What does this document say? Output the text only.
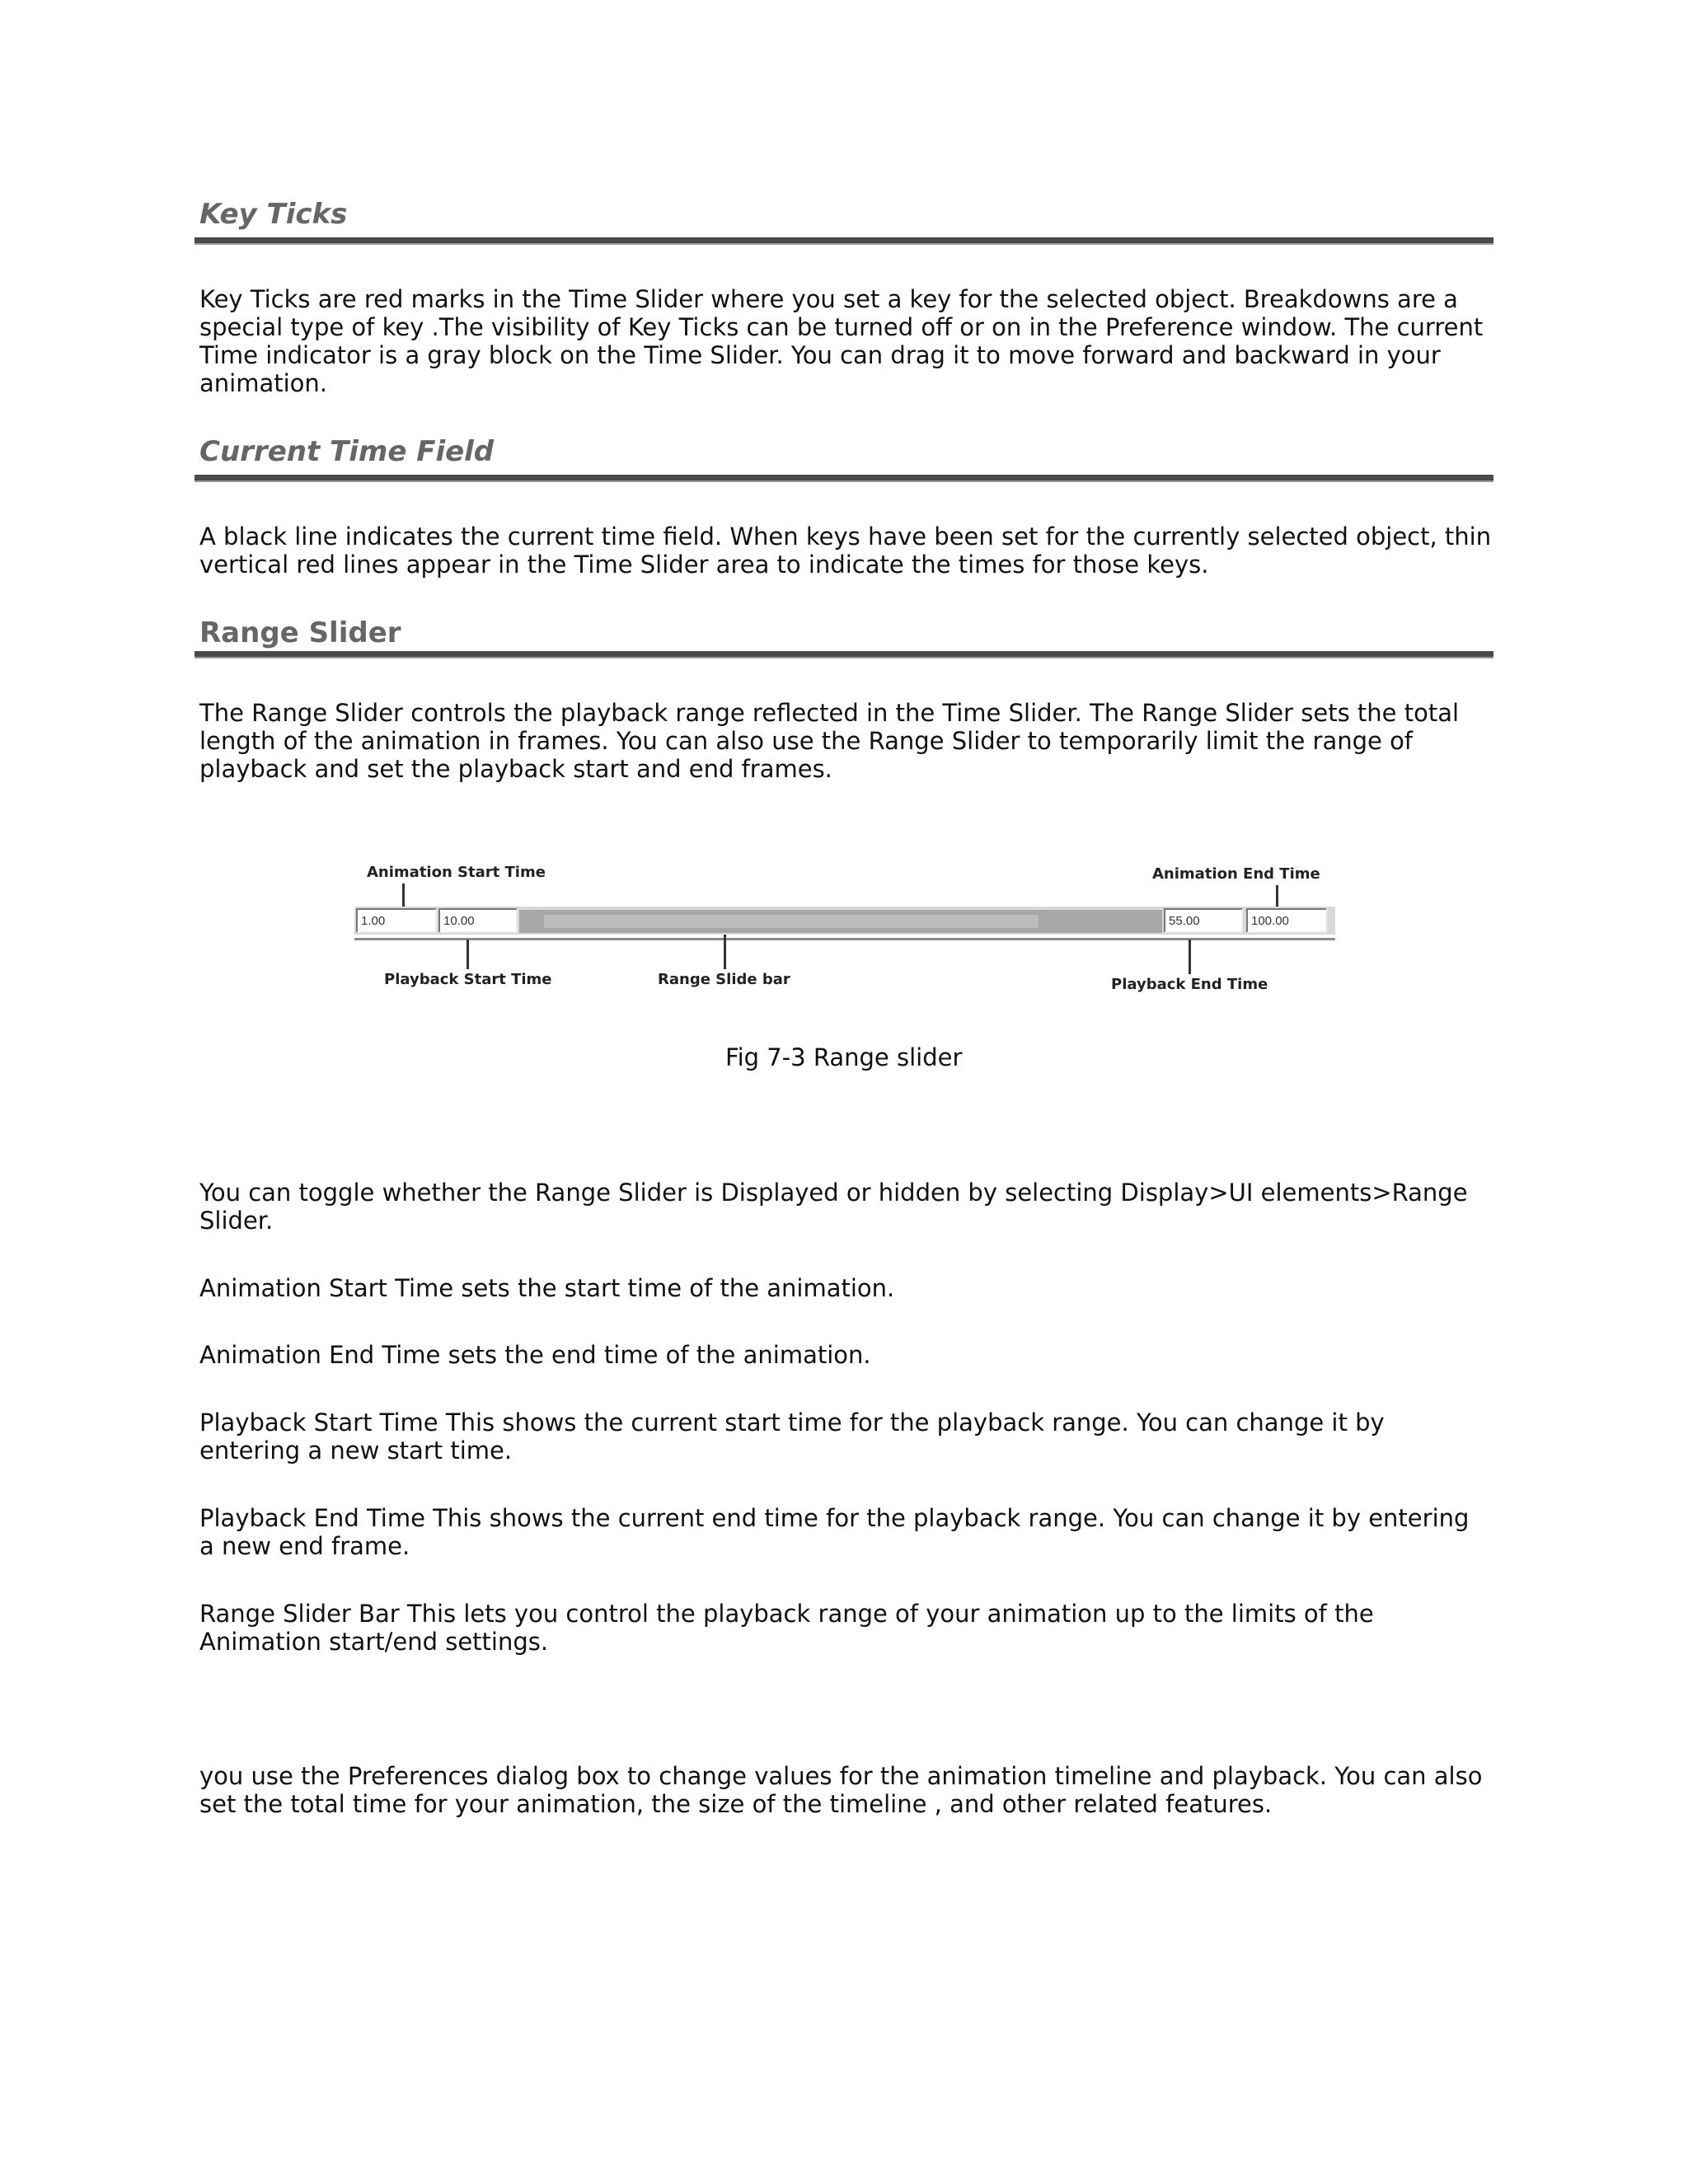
Key Ticks

Key Ticks are red marks in the Time Slider where you set a key for the selected object. Breakdowns are a
special type of key .The visibility of Key Ticks can be turned off or on in the Preference window. The current
Time indicator is a gray block on the Time Slider. You can drag it to move forward and backward in your
animation.

Current Time Field

A black line indicates the current time field. When keys have been set for the currently selected object, thin
vertical red lines appear in the Time Slider area to indicate the times for those keys.

Range Slider

The Range Slider controls the playback range reflected in the Time Slider. The Range Slider sets the total
length of the animation in frames. You can also use the Range Slider to temporarily limit the range of
playback and set the playback start and end frames.

Animation Start Time	Animation End Time
1.00	10.00	55.00	100.00
Playback Start Time	Range Slide bar	Playback End Time

Fig 7-3 Range slider

You can toggle whether the Range Slider is Displayed or hidden by selecting Display>UI elements>Range
Slider.

Animation Start Time sets the start time of the animation.

Animation End Time sets the end time of the animation.

Playback Start Time This shows the current start time for the playback range. You can change it by
entering a new start time.

Playback End Time This shows the current end time for the playback range. You can change it by entering
a new end frame.

Range Slider Bar This lets you control the playback range of your animation up to the limits of the
Animation start/end settings.

you use the Preferences dialog box to change values for the animation timeline and playback. You can also
set the total time for your animation, the size of the timeline , and other related features.
